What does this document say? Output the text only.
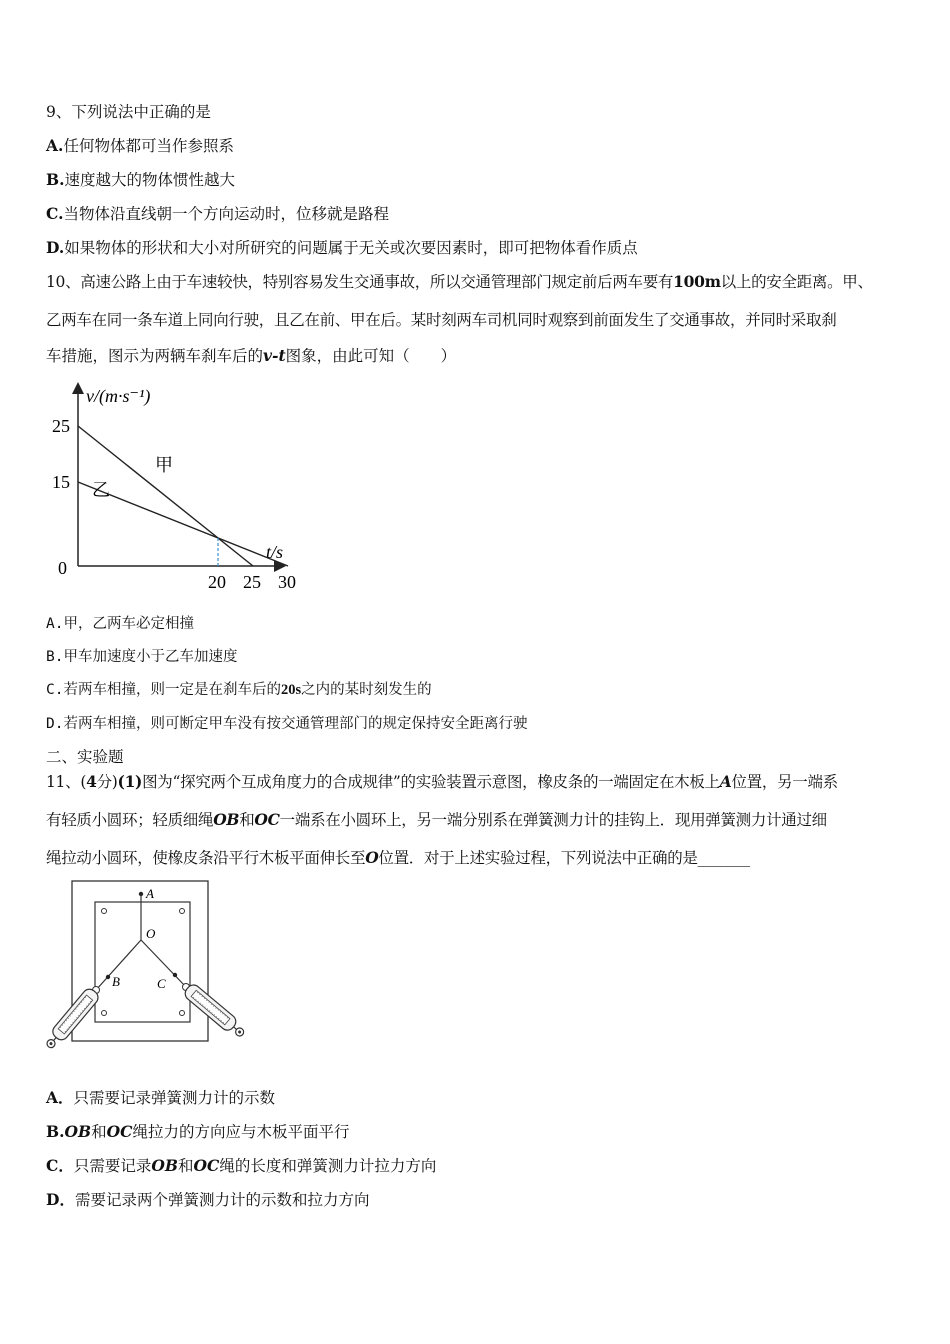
9、下列说法中正确的是
A.任何物体都可当作参照系
B.速度越大的物体惯性越大
C.当物体沿直线朝一个方向运动时，位移就是路程
D.如果物体的形状和大小对所研究的问题属于无关或次要因素时，即可把物体看作质点
10、高速公路上由于车速较快，特别容易发生交通事故，所以交通管理部门规定前后两车要有100m以上的安全距离。甲、
乙两车在同一条车道上同向行驶，且乙在前、甲在后。某时刻两车司机同时观察到前面发生了交通事故，并同时采取刹
车措施，图示为两辆车刹车后的v-t图象，由此可知（　　）
v/(m·s⁻¹)
t/s
0
15
25
20 25 30
甲
乙
A.甲，乙两车必定相撞
B.甲车加速度小于乙车加速度
C.若两车相撞，则一定是在刹车后的20s之内的某时刻发生的
D.若两车相撞，则可断定甲车没有按交通管理部门的规定保持安全距离行驶
二、实验题
11、(4分)(1)图为“探究两个互成角度力的合成规律”的实验装置示意图，橡皮条的一端固定在木板上A位置，另一端系
有轻质小圆环；轻质细绳OB和OC一端系在小圆环上，另一端分别系在弹簧测力计的挂钩上．现用弹簧测力计通过细
绳拉动小圆环，使橡皮条沿平行木板平面伸长至O位置．对于上述实验过程，下列说法中正确的是_______
A
O
B	C
A．只需要记录弹簧测力计的示数
B.OB和OC绳拉力的方向应与木板平面平行
C．只需要记录OB和OC绳的长度和弹簧测力计拉力方向
D．需要记录两个弹簧测力计的示数和拉力方向
